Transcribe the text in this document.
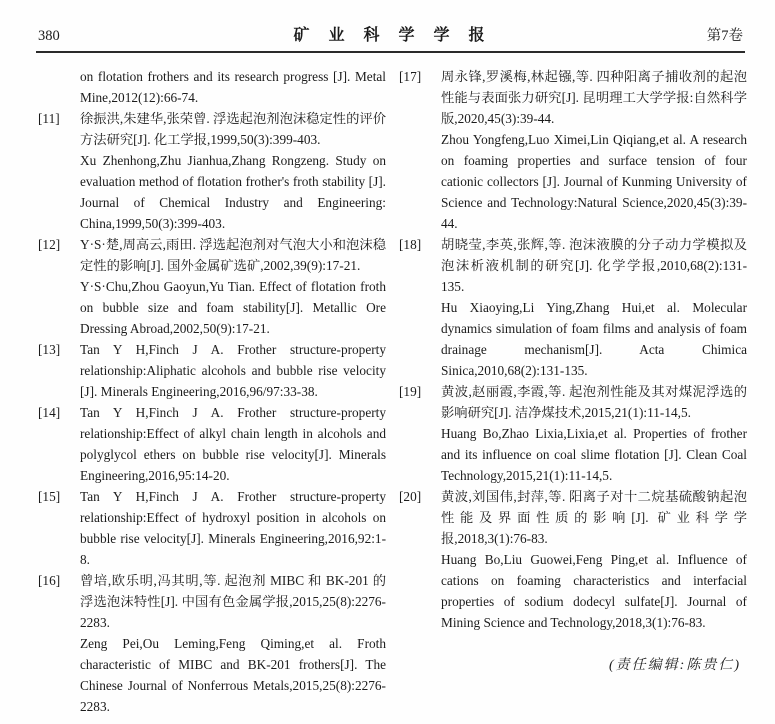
380	矿 业 科 学 学 报	第7卷

on flotation frothers and its research progress [J]. Metal Mine,2012(12):66-74.

[11]	徐振洪,朱建华,张荣曾. 浮选起泡剂泡沫稳定性的评价方法研究[J]. 化工学报,1999,50(3):399-403.

Xu Zhenhong,Zhu Jianhua,Zhang Rongzeng. Study on evaluation method of flotation frother's froth stability [J]. Journal of Chemical Industry and Engineering: China,1999,50(3):399-403.

[12]	Y·S·楚,周高云,雨田. 浮选起泡剂对气泡大小和泡沫稳定性的影响[J]. 国外金属矿选矿,2002,39(9):17-21.

Y·S·Chu,Zhou Gaoyun,Yu Tian. Effect of flotation froth on bubble size and foam stability[J]. Metallic Ore Dressing Abroad,2002,50(9):17-21.

[13]	Tan Y H,Finch J A. Frother structure-property relationship:Aliphatic alcohols and bubble rise velocity [J]. Minerals Engineering,2016,96/97:33-38.

[14]	Tan Y H,Finch J A. Frother structure-property relationship:Effect of alkyl chain length in alcohols and polyglycol ethers on bubble rise velocity[J]. Minerals Engineering,2016,95:14-20.

[15]	Tan Y H,Finch J A. Frother structure-property relationship:Effect of hydroxyl position in alcohols on bubble rise velocity[J]. Minerals Engineering,2016,92:1-8.

[16]	曾培,欧乐明,冯其明,等. 起泡剂 MIBC 和 BK-201 的浮选泡沫特性[J]. 中国有色金属学报,2015,25(8):2276-2283.

Zeng Pei,Ou Leming,Feng Qiming,et al. Froth characteristic of MIBC and BK-201 frothers[J]. The Chinese Journal of Nonferrous Metals,2015,25(8):2276-2283.

[17]	周永锋,罗溪梅,林起镪,等. 四种阳离子捕收剂的起泡性能与表面张力研究[J]. 昆明理工大学学报:自然科学版,2020,45(3):39-44.

Zhou Yongfeng,Luo Ximei,Lin Qiqiang,et al. A research on foaming properties and surface tension of four cationic collectors [J]. Journal of Kunming University of Science and Technology:Natural Science,2020,45(3):39-44.

[18]	胡晓莹,李英,张辉,等. 泡沫液膜的分子动力学模拟及泡沫析液机制的研究[J]. 化学学报,2010,68(2):131-135.

Hu Xiaoying,Li Ying,Zhang Hui,et al. Molecular dynamics simulation of foam films and analysis of foam drainage mechanism[J]. Acta Chimica Sinica,2010,68(2):131-135.

[19]	黄波,赵丽霞,李霞,等. 起泡剂性能及其对煤泥浮选的影响研究[J]. 洁净煤技术,2015,21(1):11-14,5.

Huang Bo,Zhao Lixia,Lixia,et al. Properties of frother and its influence on coal slime flotation [J]. Clean Coal Technology,2015,21(1):11-14,5.

[20]	黄波,刘国伟,封萍,等. 阳离子对十二烷基硫酸钠起泡性能及界面性质的影响[J]. 矿业科学学报,2018,3(1):76-83.

Huang Bo,Liu Guowei,Feng Ping,et al. Influence of cations on foaming characteristics and interfacial properties of sodium dodecyl sulfate[J]. Journal of Mining Science and Technology,2018,3(1):76-83.

(责任编辑:陈贵仁)
